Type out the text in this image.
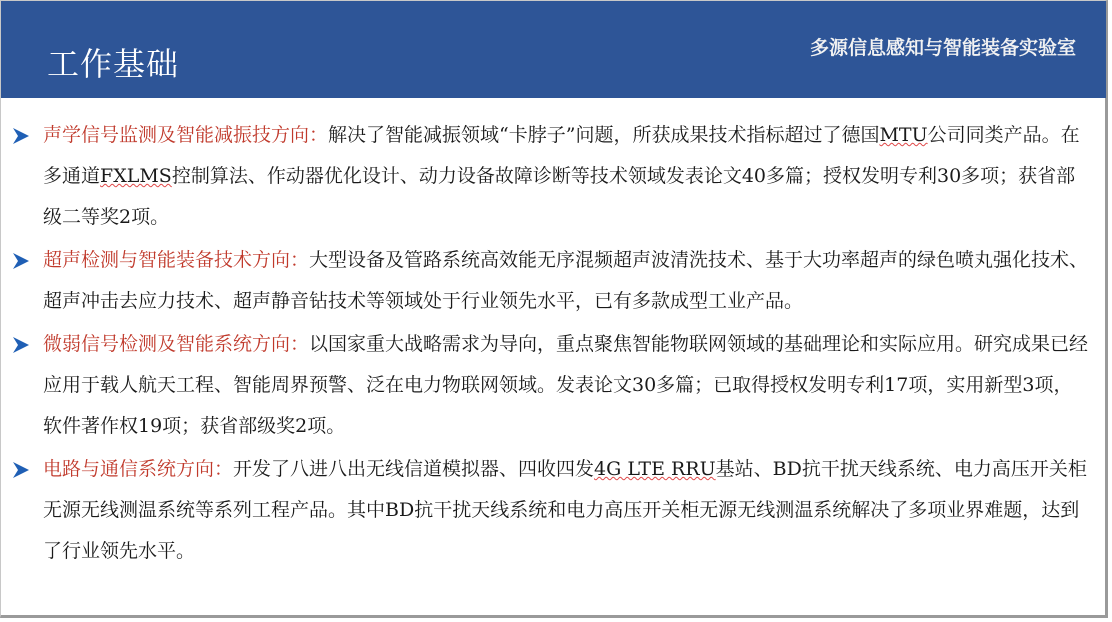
工作基础	多源信息感知与智能装备实验室
声学信号监测及智能减振技方向：解决了智能减振领域“卡脖子”问题，所获成果技术指标超过了德国MTU公司同类产品。在多通道FXLMS控制算法、作动器优化设计、动力设备故障诊断等技术领域发表论文40多篇；授权发明专利30多项；获省部级二等奖2项。
超声检测与智能装备技术方向：大型设备及管路系统高效能无序混频超声波清洗技术、基于大功率超声的绿色喷丸强化技术、超声冲击去应力技术、超声静音钻技术等领域处于行业领先水平，已有多款成型工业产品。
微弱信号检测及智能系统方向：以国家重大战略需求为导向，重点聚焦智能物联网领域的基础理论和实际应用。研究成果已经应用于载人航天工程、智能周界预警、泛在电力物联网领域。发表论文30多篇；已取得授权发明专利17项，实用新型3项，软件著作权19项；获省部级奖2项。
电路与通信系统方向：开发了八进八出无线信道模拟器、四收四发4G LTE RRU基站、BD抗干扰天线系统、电力高压开关柜无源无线测温系统等系列工程产品。其中BD抗干扰天线系统和电力高压开关柜无源无线测温系统解决了多项业界难题，达到了行业领先水平。
